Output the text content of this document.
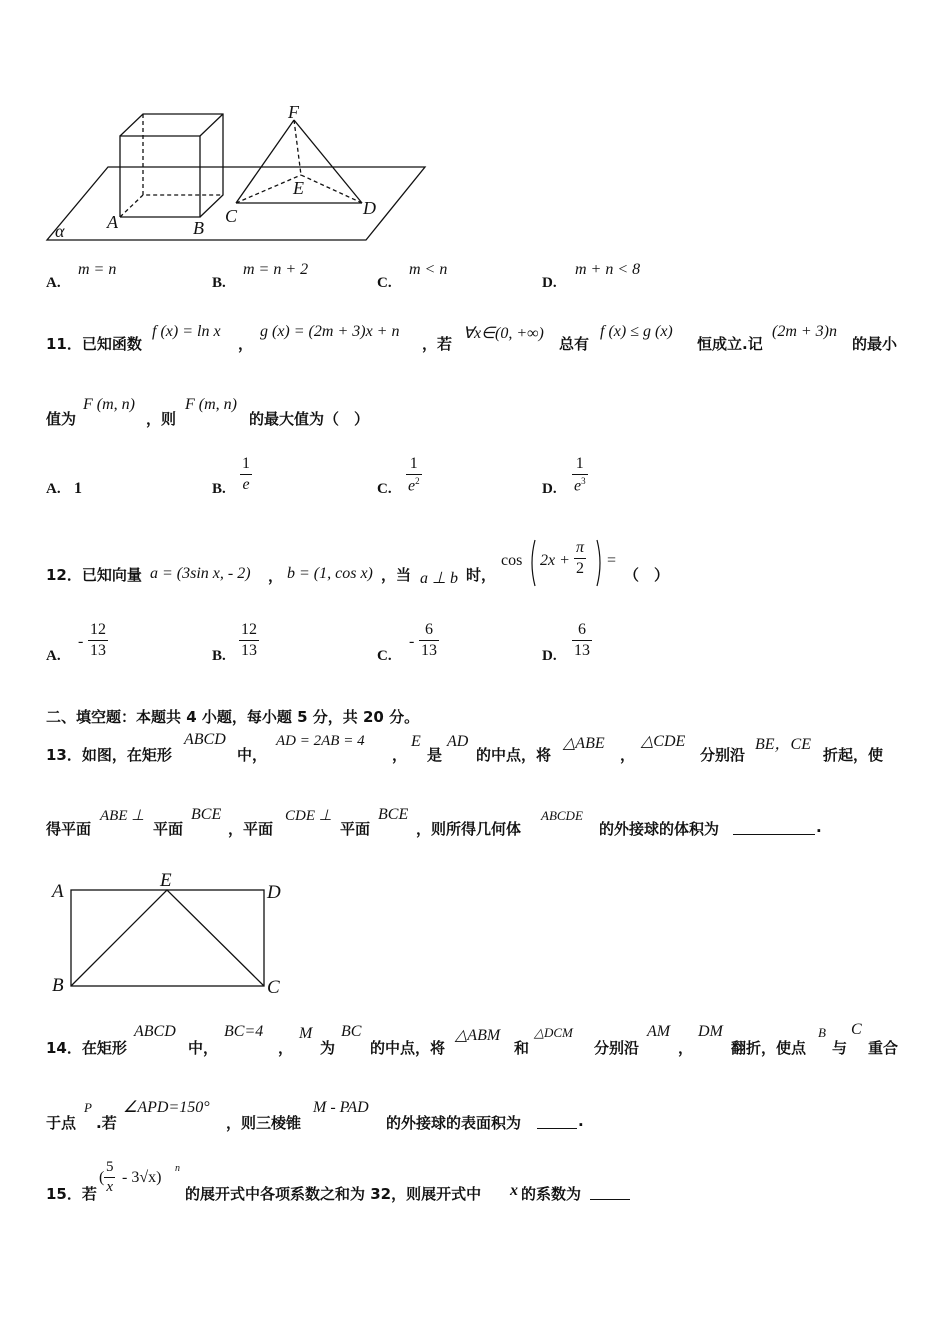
F
E
A	B
C	D
α
A.
m = n
B.
m = n + 2
C.
m < n
D.
m + n < 8
11．已知函数
f (x) = ln x
，
g (x) = (2m + 3)x + n
，若
∀x∈(0, +∞)
总有
f (x) ≤ g (x)
恒成立.记
(2m + 3)n
的最小
值为
F (m, n)
，则
F (m, n)
的最大值为（　）
A. 1	B. $\frac{1}{e}$	C. $\frac{1}{e^2}$	D. $\frac{1}{e^3}$
12．已知向量 a = (3sin x, - 2) ， b = (1, cos x) ，当 a ⊥ b 时，
$\cos 2x + \frac{\pi}{2}$ =
（　）
A.
- $\frac{12}{13}$	B. $\frac{12}{13}$	C.
- $\frac{6}{13}$	D. $\frac{6}{13}$
二、填空题：本题共 4 小题，每小题 5 分，共 20 分。
13．如图，在矩形
ABCD
中，
AD = 2AB = 4
，
E
是
AD
的中点，将
△ABE
，
△CDE
分别沿
BE，CE
折起，使
得平面
ABE ⊥
平面
BCE
，平面
CDE ⊥
平面
BCE
，则所得几何体
ABCDE
的外接球的体积为	.
A
E
D
B	C
14．在矩形
ABCD
中，
BC=4
，
M
为
BC
的中点，将
△ABM
和
△DCM
分别沿
AM
，
DM
翻折，使点
B
与
C
重合
于点
P
.若
∠APD=150°
，则三棱锥
M - PAD
的外接球的表面积为	.
15．若
( $\frac{5}{x} - 3√x$)
n
的展开式中各项系数之和为 32，则展开式中 x 的系数为
